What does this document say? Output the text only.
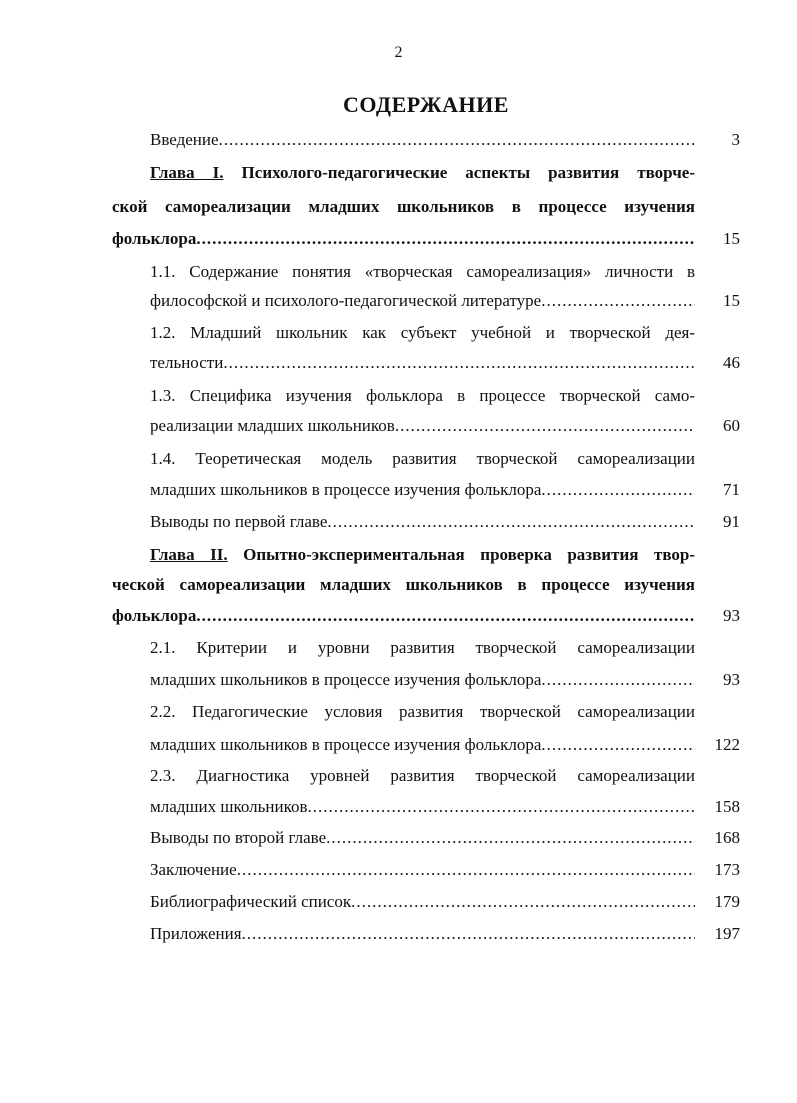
2
СОДЕРЖАНИЕ
Введение .....	3
Глава I. Психолого-педагогические аспекты развития творче-
ской самореализации младших школьников в процессе изучения
фольклора .....	15
1.1. Содержание понятия «творческая самореализация» личности в
философской и психолого-педагогической литературе .....	15
1.2. Младший школьник как субъект учебной и творческой дея-
тельности .....	46
1.3. Специфика изучения фольклора в процессе творческой само-
реализации младших школьников .....	60
1.4. Теоретическая модель развития творческой самореализации
младших школьников в процессе изучения фольклора .....	71
Выводы по первой главе .....	91
Глава II. Опытно-экспериментальная проверка развития твор-
ческой самореализации младших школьников в процессе изучения
фольклора .....	93
2.1. Критерии и уровни развития творческой самореализации
младших школьников в процессе изучения фольклора .....	93
2.2. Педагогические условия развития творческой самореализации
младших школьников в процессе изучения фольклора .....	122
2.3. Диагностика уровней развития творческой самореализации
младших школьников .....	158
Выводы по второй главе .....	168
Заключение .....	173
Библиографический список .....	179
Приложения .....	197
